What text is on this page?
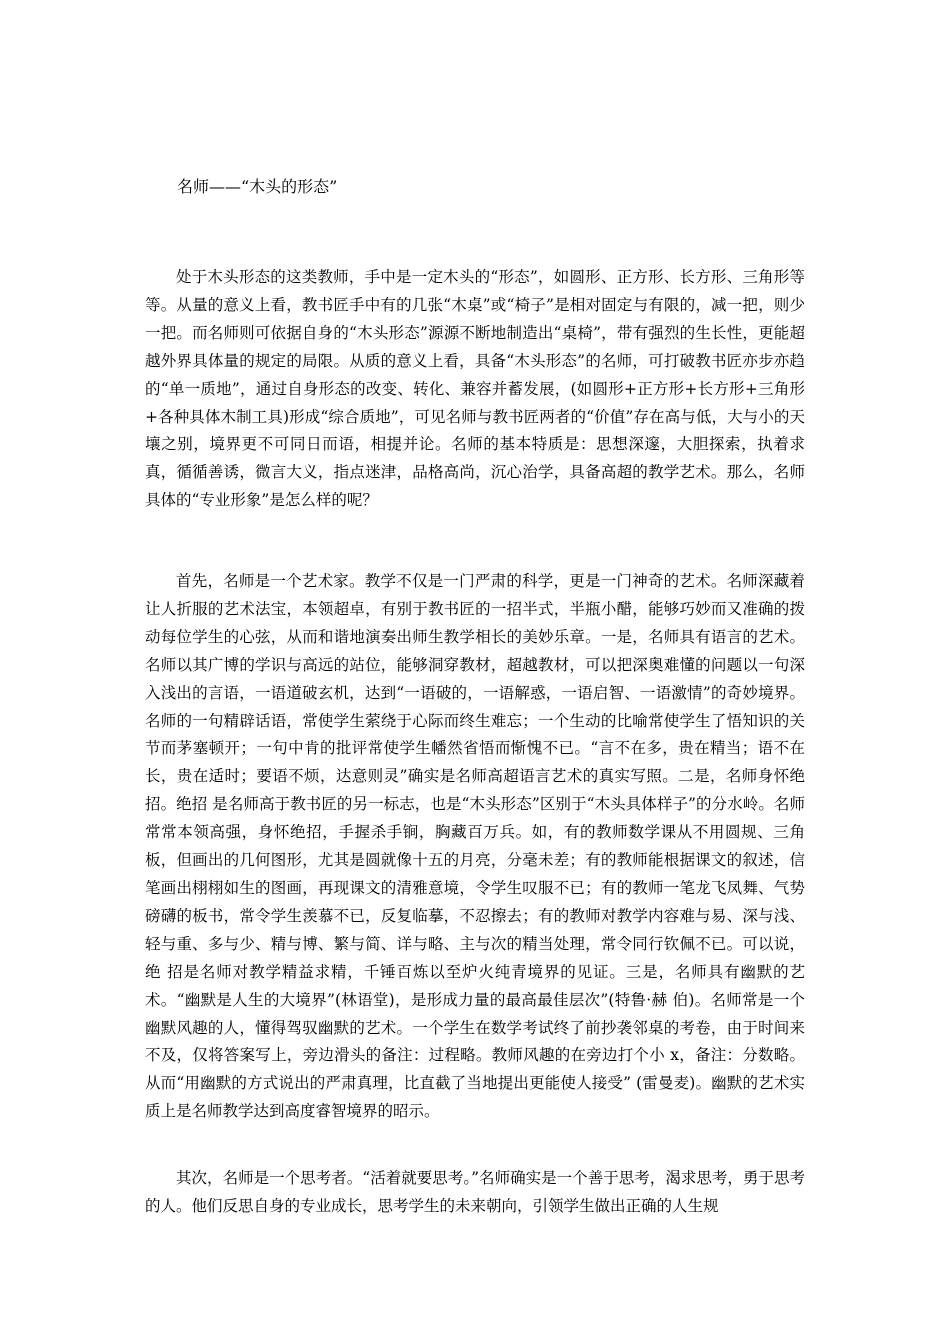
名师——“木头的形态”

处于木头形态的这类教师，手中是一定木头的“形态”，如圆形、正方形、长方形、三角形等等。从量的意义上看，教书匠手中有的几张“木桌”或“椅子”是相对固定与有限的，减一把，则少一把。而名师则可依据自身的“木头形态”源源不断地制造出“桌椅”，带有强烈的生长性，更能超越外界具体量的规定的局限。从质的意义上看，具备“木头形态”的名师，可打破教书匠亦步亦趋的“单一质地”，通过自身形态的改变、转化、兼容并蓄发展，(如圆形+正方形+长方形+三角形+各种具体木制工具)形成“综合质地”，可见名师与教书匠两者的“价值”存在高与低，大与小的天壤之别，境界更不可同日而语，相提并论。名师的基本特质是：思想深邃，大胆探索，执着求真，循循善诱，微言大义，指点迷津，品格高尚，沉心治学，具备高超的教学艺术。那么，名师具体的“专业形象”是怎么样的呢？

首先，名师是一个艺术家。教学不仅是一门严肃的科学，更是一门神奇的艺术。名师深藏着让人折服的艺术法宝，本领超卓，有别于教书匠的一招半式，半瓶小醋，能够巧妙而又准确的拨动每位学生的心弦，从而和谐地演奏出师生教学相长的美妙乐章。一是，名师具有语言的艺术。名师以其广博的学识与高远的站位，能够洞穿教材，超越教材，可以把深奥难懂的问题以一句深入浅出的言语，一语道破玄机，达到“一语破的，一语解惑，一语启智、一语激情”的奇妙境界。名师的一句精辟话语，常使学生萦绕于心际而终生难忘；一个生动的比喻常使学生了悟知识的关节而茅塞顿开；一句中肯的批评常使学生幡然省悟而惭愧不已。“言不在多，贵在精当；语不在长，贵在适时；要语不烦，达意则灵”确实是名师高超语言艺术的真实写照。二是，名师身怀绝招。绝招 是名师高于教书匠的另一标志，也是“木头形态”区别于“木头具体样子”的分水岭。名师常常本领高强，身怀绝招，手握杀手锏，胸藏百万兵。如，有的教师数学课从不用圆规、三角板，但画出的几何图形，尤其是圆就像十五的月亮，分毫未差；有的教师能根据课文的叙述，信笔画出栩栩如生的图画，再现课文的清雅意境，令学生叹服不已；有的教师一笔龙飞凤舞、气势磅礴的板书，常令学生羡慕不已，反复临摹，不忍擦去；有的教师对教学内容难与易、深与浅、轻与重、多与少、精与博、繁与简、详与略、主与次的精当处理，常令同行钦佩不已。可以说，绝 招是名师对教学精益求精，千锤百炼以至炉火纯青境界的见证。三是，名师具有幽默的艺术。“幽默是人生的大境界”(林语堂)，是形成力量的最高最佳层次”(特鲁·赫 伯)。名师常是一个幽默风趣的人，懂得驾驭幽默的艺术。一个学生在数学考试终了前抄袭邻桌的考卷，由于时间来不及，仅将答案写上，旁边滑头的备注：过程略。教师风趣的在旁边打个小 x，备注：分数略。从而“用幽默的方式说出的严肃真理，比直截了当地提出更能使人接受” (雷曼麦)。幽默的艺术实质上是名师教学达到高度睿智境界的昭示。

其次，名师是一个思考者。“活着就要思考。”名师确实是一个善于思考，渴求思考，勇于思考的人。他们反思自身的专业成长，思考学生的未来朝向，引领学生做出正确的人生规
